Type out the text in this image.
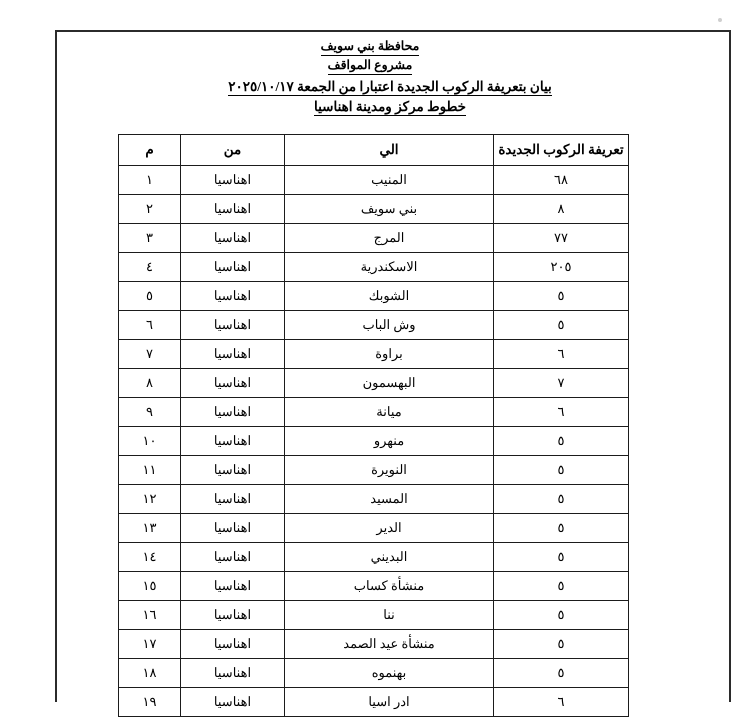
محافظة بني سويف
مشروع المواقف
بيان بتعريفة الركوب الجديدة اعتبارا من الجمعة ٢٠٢٥/١٠/١٧
خطوط مركز ومدينة اهناسيا
تعريفة الركوب الجديدة	الي	من	م
٦٨	المنيب	اهناسيا	١
٨	بني سويف	اهناسيا	٢
٧٧	المرج	اهناسيا	٣
٢٠٥	الاسكندرية	اهناسيا	٤
٥	الشوبك	اهناسيا	٥
٥	وش الباب	اهناسيا	٦
٦	براوة	اهناسيا	٧
٧	البهسمون	اهناسيا	٨
٦	ميانة	اهناسيا	٩
٥	منهرو	اهناسيا	١٠
٥	النويرة	اهناسيا	١١
٥	المسيد	اهناسيا	١٢
٥	الدير	اهناسيا	١٣
٥	البديني	اهناسيا	١٤
٥	منشأة كساب	اهناسيا	١٥
٥	ننا	اهناسيا	١٦
٥	منشأة عيد الصمد	اهناسيا	١٧
٥	بهنموه	اهناسيا	١٨
٦	ادر اسيا	اهناسيا	١٩
